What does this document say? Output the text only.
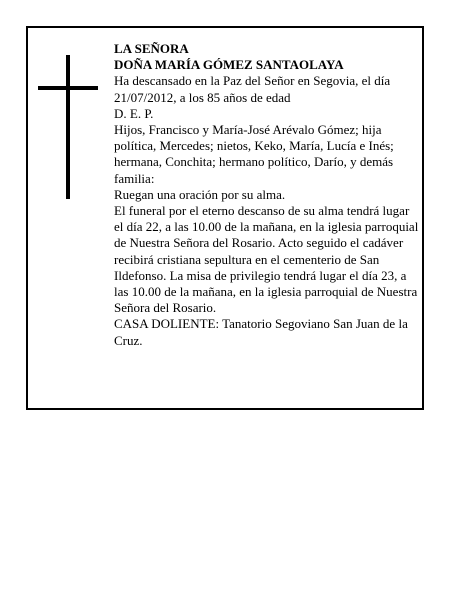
LA SEÑORA

DOÑA MARÍA GÓMEZ SANTAOLAYA

Ha descansado en la Paz del Señor en Segovia, el día 21/07/2012, a los 85 años de edad

D. E. P.

Hijos, Francisco y María-José Arévalo Gómez; hija política, Mercedes; nietos, Keko, María, Lucía e Inés; hermana, Conchita; hermano político, Darío, y demás familia:

Ruegan una oración por su alma.

El funeral por el eterno descanso de su alma tendrá lugar el día 22, a las 10.00 de la mañana, en la iglesia parroquial de Nuestra Señora del Rosario. Acto seguido el cadáver recibirá cristiana sepultura en el cementerio de San Ildefonso. La misa de privilegio tendrá lugar el día 23, a las 10.00 de la mañana, en la iglesia parroquial de Nuestra Señora del Rosario.

CASA DOLIENTE: Tanatorio Segoviano San Juan de la Cruz.
